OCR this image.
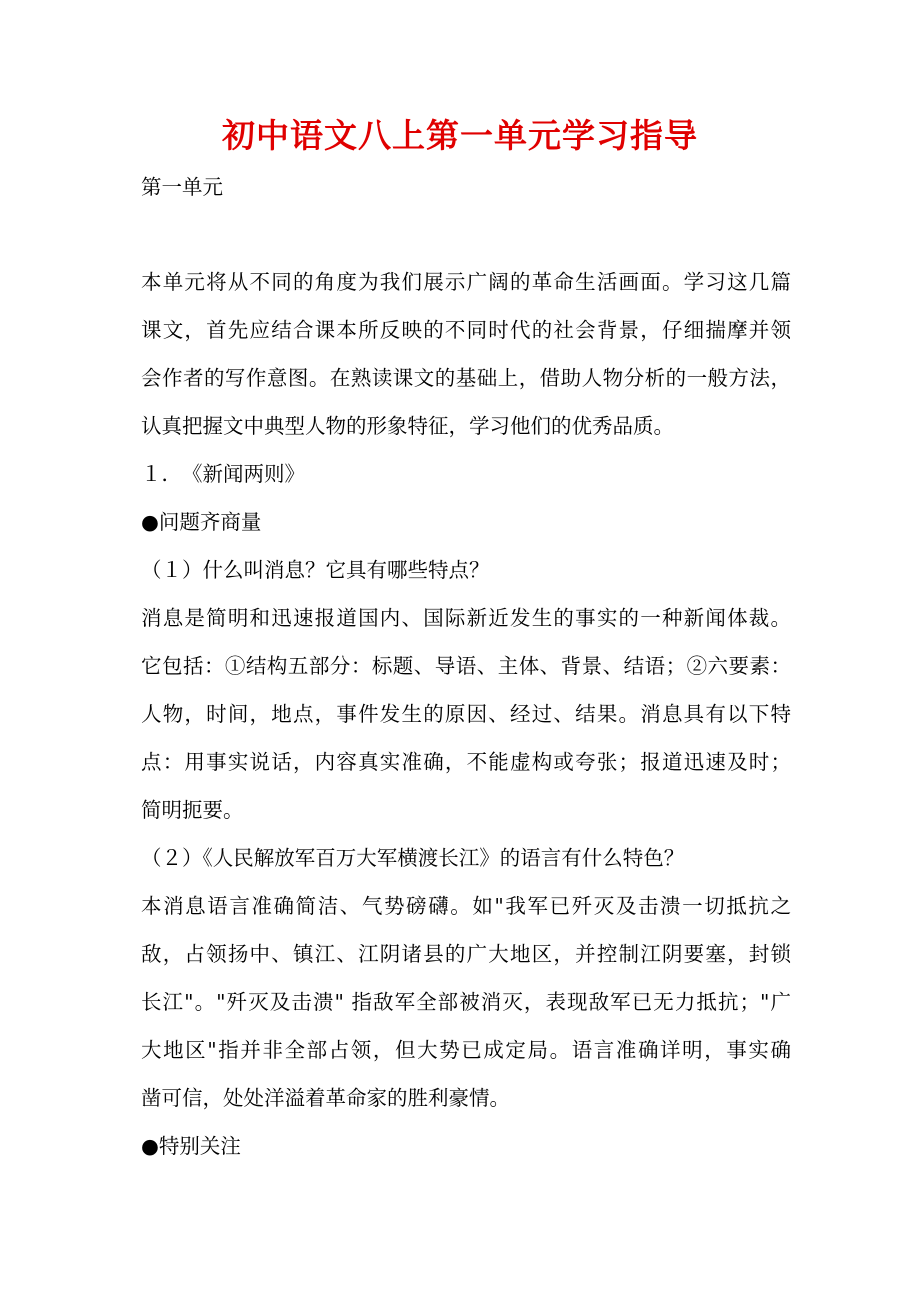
初中语文八上第一单元学习指导
第一单元
本单元将从不同的角度为我们展示广阔的革命生活画面。学习这几篇
课文，首先应结合课本所反映的不同时代的社会背景，仔细揣摩并领
会作者的写作意图。在熟读课文的基础上，借助人物分析的一般方法，
认真把握文中典型人物的形象特征，学习他们的优秀品质。
１．　《新闻两则》
●问题齐商量
（１）什么叫消息？它具有哪些特点？
消息是简明和迅速报道国内、国际新近发生的事实的一种新闻体裁。
它包括：①结构五部分：标题、导语、主体、背景、结语；②六要素：
人物，时间，地点，事件发生的原因、经过、结果。消息具有以下特
点：用事实说话，内容真实准确，不能虚构或夸张；报道迅速及时；
简明扼要。
（２）《人民解放军百万大军横渡长江》的语言有什么特色？
本消息语言准确简洁、气势磅礴。如"我军已歼灭及击溃一切抵抗之
敌，占领扬中、镇江、江阴诸县的广大地区，并控制江阴要塞，封锁
长江"。"歼灭及击溃" 指敌军全部被消灭，表现敌军已无力抵抗；"广
大地区"指并非全部占领，但大势已成定局。语言准确详明，事实确
凿可信，处处洋溢着革命家的胜利豪情。
●特别关注
